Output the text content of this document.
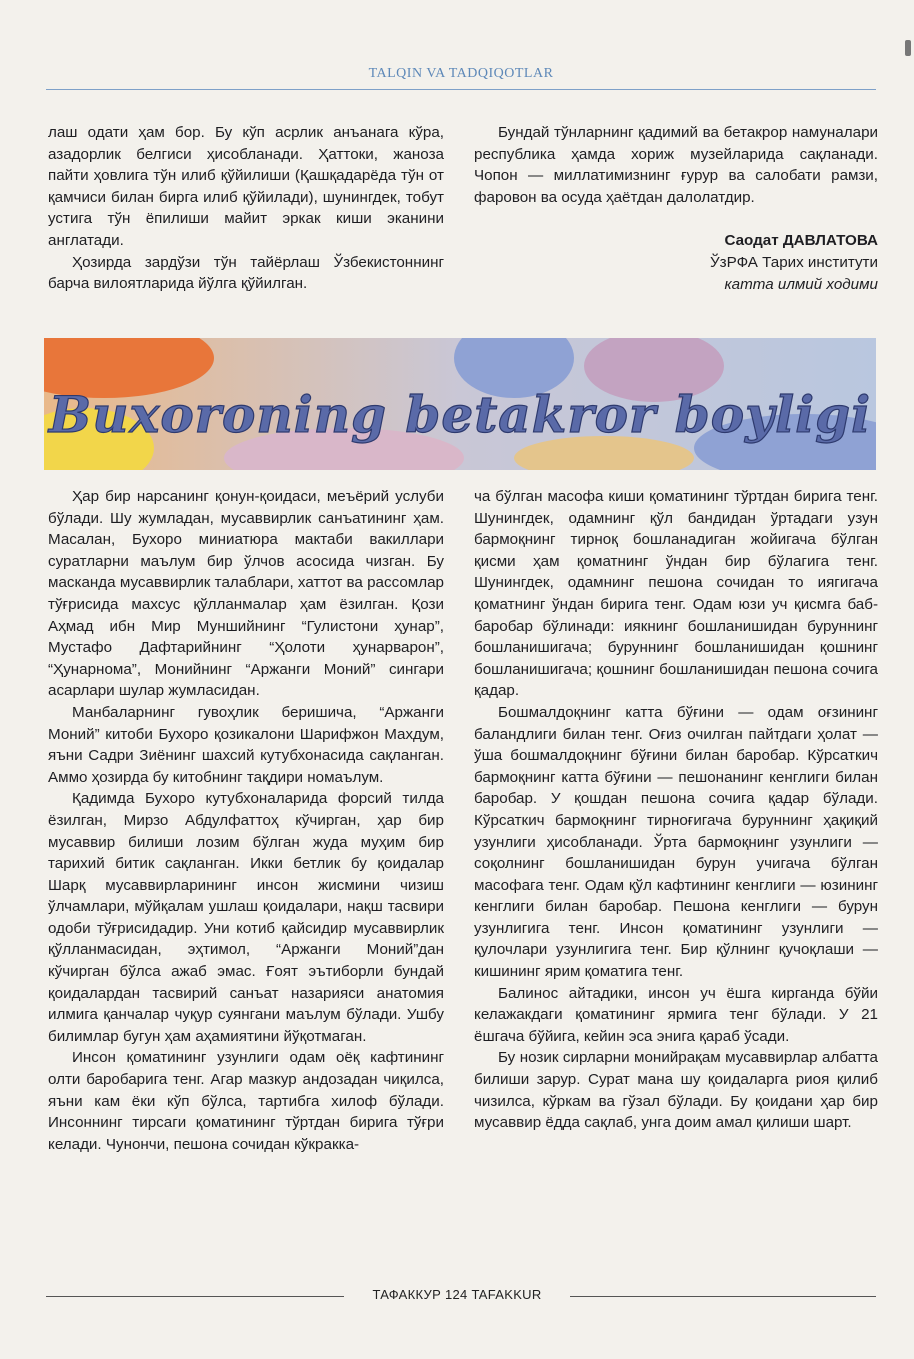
TALQIN VA TADQIQOTLAR

лаш одати ҳам бор. Бу кўп асрлик анъанага кўра, азадорлик белгиси ҳисобланади. Ҳаттоки, жаноза пайти ҳовлига тўн илиб қўйилиши (Қашқадарёда тўн от қамчиси билан бирга илиб қўйилади), шунингдек, тобут устига тўн ёпилиши майит эркак киши эканини англатади.

Ҳозирда зардўзи тўн тайёрлаш Ўзбекистоннинг барча вилоятларида йўлга қўйилган.

Бундай тўнларнинг қадимий ва бетакрор намуналари республика ҳамда хориж музейларида сақланади. Чопон — миллатимизнинг ғурур ва салобати рамзи, фаровон ва осуда ҳаётдан далолатдир.

Саодат ДАВЛАТОВА
ЎзРФА Тарих институти
катта илмий ходими
Buxoroning betakror boyligi

Ҳар бир нарсанинг қонун-қоидаси, меъёрий услуби бўлади. Шу жумладан, мусаввирлик санъатининг ҳам. Масалан, Бухоро миниатюра мактаби вакиллари суратларни маълум бир ўлчов асосида чизган. Бу масканда мусаввирлик талаблари, хаттот ва рассомлар тўғрисида махсус қўлланмалар ҳам ёзилган. Қози Аҳмад ибн Мир Муншийнинг “Гулистони ҳунар”, Мустафо Дафтарийнинг “Ҳолоти ҳунарварон”, “Ҳунарнома”, Монийнинг “Аржанги Моний” сингари асарлари шулар жумласидан.

Манбаларнинг гувоҳлик беришича, “Аржанги Моний” китоби Бухоро қозикалони Шарифжон Махдум, яъни Садри Зиёнинг шахсий кутубхонасида сақланган. Аммо ҳозирда бу китобнинг тақдири номаълум.

Қадимда Бухоро кутубхоналарида форсий тилда ёзилган, Мирзо Абдулфаттоҳ кўчирган, ҳар бир мусаввир билиши лозим бўлган жуда муҳим бир тарихий битик сақланган. Икки бетлик бу қоидалар Шарқ мусаввирларининг инсон жисмини чизиш ўлчамлари, мўйқалам ушлаш қоидалари, нақш тасвири одоби тўғрисидадир. Уни котиб қайсидир мусаввирлик қўлланмасидан, эҳтимол, “Аржанги Моний”дан кўчирган бўлса ажаб эмас. Ғоят эътиборли бундай қоидалардан тасвирий санъат назарияси анатомия илмига қанчалар чуқур суянгани маълум бўлади. Ушбу билимлар бугун ҳам аҳамиятини йўқотмаган.

Инсон қоматининг узунлиги одам оёқ кафтининг олти баробарига тенг. Агар мазкур андозадан чиқилса, яъни кам ёки кўп бўлса, тартибга хилоф бўлади. Инсоннинг тирсаги қоматининг тўртдан бирига тўғри келади. Чунончи, пешона сочидан кўкракка-

ча бўлган масофа киши қоматининг тўртдан бирига тенг. Шунингдек, одамнинг қўл бандидан ўртадаги узун бармоқнинг тирноқ бошланадиган жойигача бўлган қисми ҳам қоматнинг ўндан бир бўлагига тенг. Шунингдек, одамнинг пешона сочидан то иягигача қоматнинг ўндан бирига тенг. Одам юзи уч қисмга баб-баробар бўлинади: иякнинг бошланишидан буруннинг бошланишигача; буруннинг бошланишидан қошнинг бошланишигача; қошнинг бошланишидан пешона сочига қадар.

Бошмалдоқнинг катта бўғини — одам оғзининг баландлиги билан тенг. Оғиз очилган пайтдаги ҳолат — ўша бошмалдоқнинг бўғини билан баробар. Кўрсаткич бармоқнинг катта бўғини — пешонанинг кенглиги билан баробар. У қошдан пешона сочига қадар бўлади. Кўрсаткич бармоқнинг тирноғигача буруннинг ҳақиқий узунлиги ҳисобланади. Ўрта бармоқнинг узунлиги — соқолнинг бошланишидан бурун учигача бўлган масофага тенг. Одам қўл кафтининг кенглиги — юзининг кенглиги билан баробар. Пешона кенглиги — бурун узунлигига тенг. Инсон қоматининг узунлиги — қулочлари узунлигига тенг. Бир қўлнинг қучоқлаши — кишининг ярим қоматига тенг.

Балинос айтадики, инсон уч ёшга кирганда бўйи келажакдаги қоматининг ярмига тенг бўлади. У 21 ёшгача бўйига, кейин эса энига қараб ўсади.

Бу нозик сирларни монийрақам мусаввирлар албатта билиши зарур. Сурат мана шу қоидаларга риоя қилиб чизилса, кўркам ва гўзал бўлади. Бу қоидани ҳар бир мусаввир ёдда сақлаб, унга доим амал қилиши шарт.

ТАФАККУР 124 TAFAKKUR
